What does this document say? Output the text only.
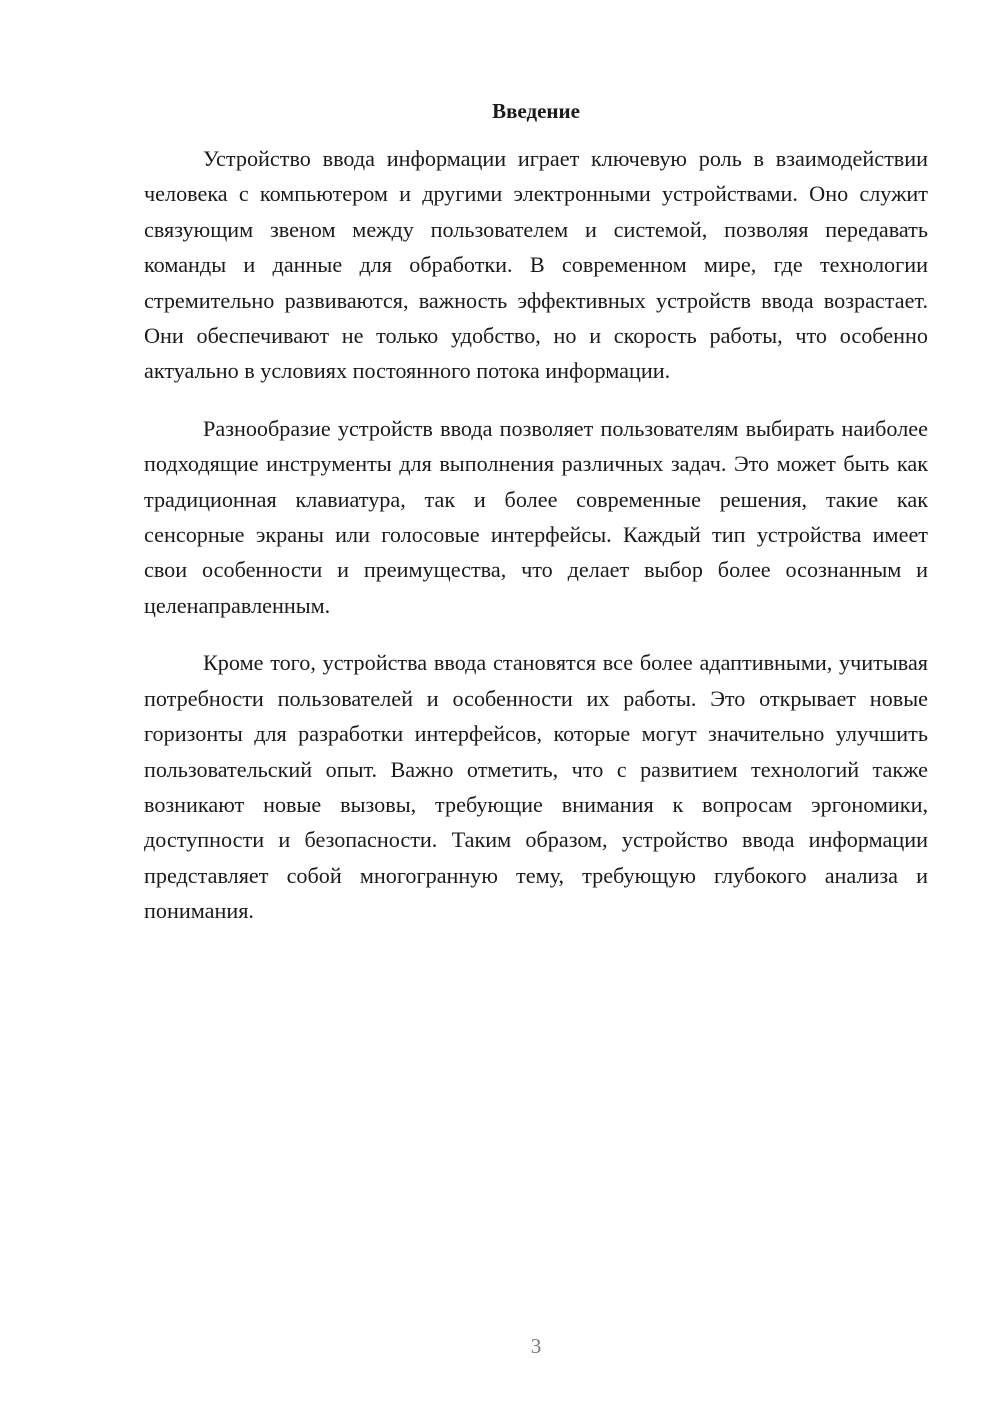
Введение

Устройство ввода информации играет ключевую роль в взаимодействии человека с компьютером и другими электронными устройствами. Оно служит связующим звеном между пользователем и системой, позволяя передавать команды и данные для обработки. В современном мире, где технологии стремительно развиваются, важность эффективных устройств ввода возрастает. Они обеспечивают не только удобство, но и скорость работы, что особенно актуально в условиях постоянного потока информации.

Разнообразие устройств ввода позволяет пользователям выбирать наиболее подходящие инструменты для выполнения различных задач. Это может быть как традиционная клавиатура, так и более современные решения, такие как сенсорные экраны или голосовые интерфейсы. Каждый тип устройства имеет свои особенности и преимущества, что делает выбор более осознанным и целенаправленным.

Кроме того, устройства ввода становятся все более адаптивными, учитывая потребности пользователей и особенности их работы. Это открывает новые горизонты для разработки интерфейсов, которые могут значительно улучшить пользовательский опыт. Важно отметить, что с развитием технологий также возникают новые вызовы, требующие внимания к вопросам эргономики, доступности и безопасности. Таким образом, устройство ввода информации представляет собой многогранную тему, требующую глубокого анализа и понимания.

3
